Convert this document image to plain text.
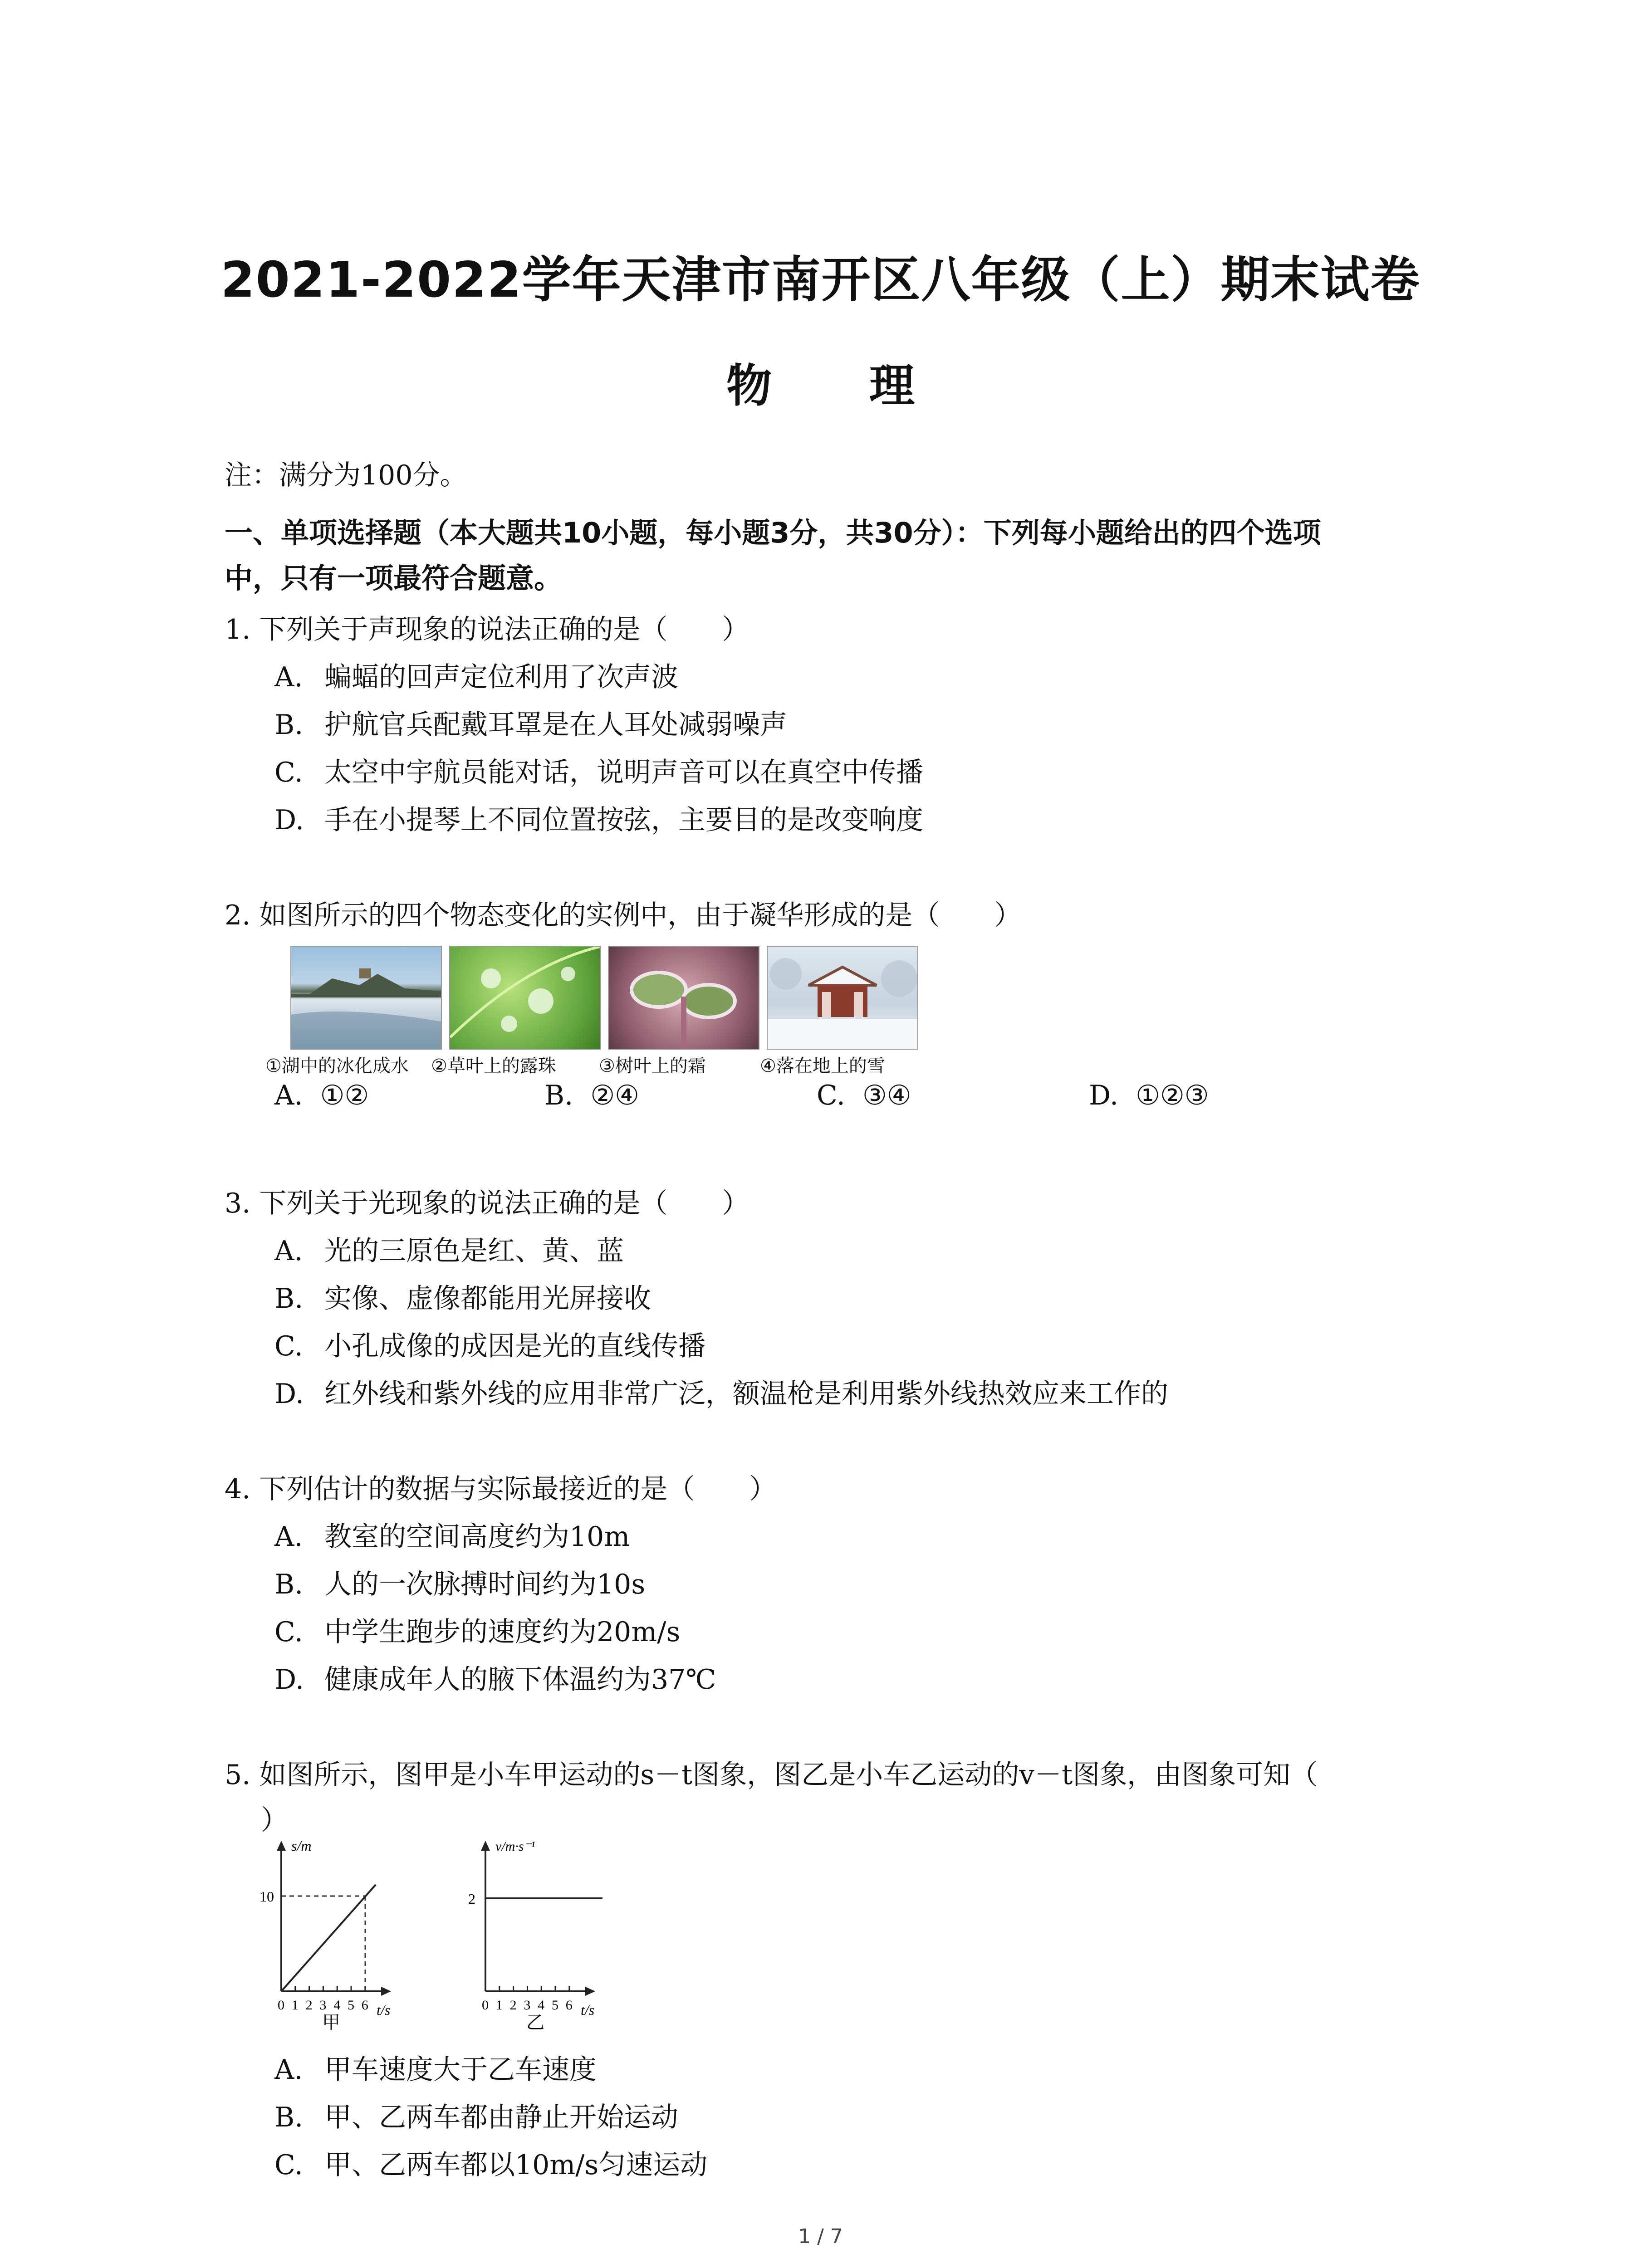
2021-2022学年天津市南开区八年级（上）期末试卷
物 理
注：满分为100分。
一、单项选择题（本大题共10小题，每小题3分，共30分）：下列每小题给出的四个选项
中，只有一项最符合题意。
1. 下列关于声现象的说法正确的是（　　）
A. 蝙蝠的回声定位利用了次声波
B. 护航官兵配戴耳罩是在人耳处减弱噪声
C. 太空中宇航员能对话，说明声音可以在真空中传播
D. 手在小提琴上不同位置按弦，主要目的是改变响度
2. 如图所示的四个物态变化的实例中，由于凝华形成的是（　　）
①湖中的冰化成水 ②草叶上的露珠 ③树叶上的霜	④落在地上的雪
A. ①②	B. ②④	C. ③④	D. ①②③
3. 下列关于光现象的说法正确的是（　　）
A. 光的三原色是红、黄、蓝
B. 实像、虚像都能用光屏接收
C. 小孔成像的成因是光的直线传播
D. 红外线和紫外线的应用非常广泛，额温枪是利用紫外线热效应来工作的
4. 下列估计的数据与实际最接近的是（　　）
A. 教室的空间高度约为10m
B. 人的一次脉搏时间约为10s
C. 中学生跑步的速度约为20m/s
D. 健康成年人的腋下体温约为37℃
5. 如图所示，图甲是小车甲运动的s－t图象，图乙是小车乙运动的v－t图象，由图象可知（
）
s/m
10
t/s
0 1 2 3 4 5 6
甲
v/m·s⁻¹
2
t/s
0 1 2 3 4 5 6
乙
A. 甲车速度大于乙车速度
B. 甲、乙两车都由静止开始运动
C. 甲、乙两车都以10m/s匀速运动
1 / 7
